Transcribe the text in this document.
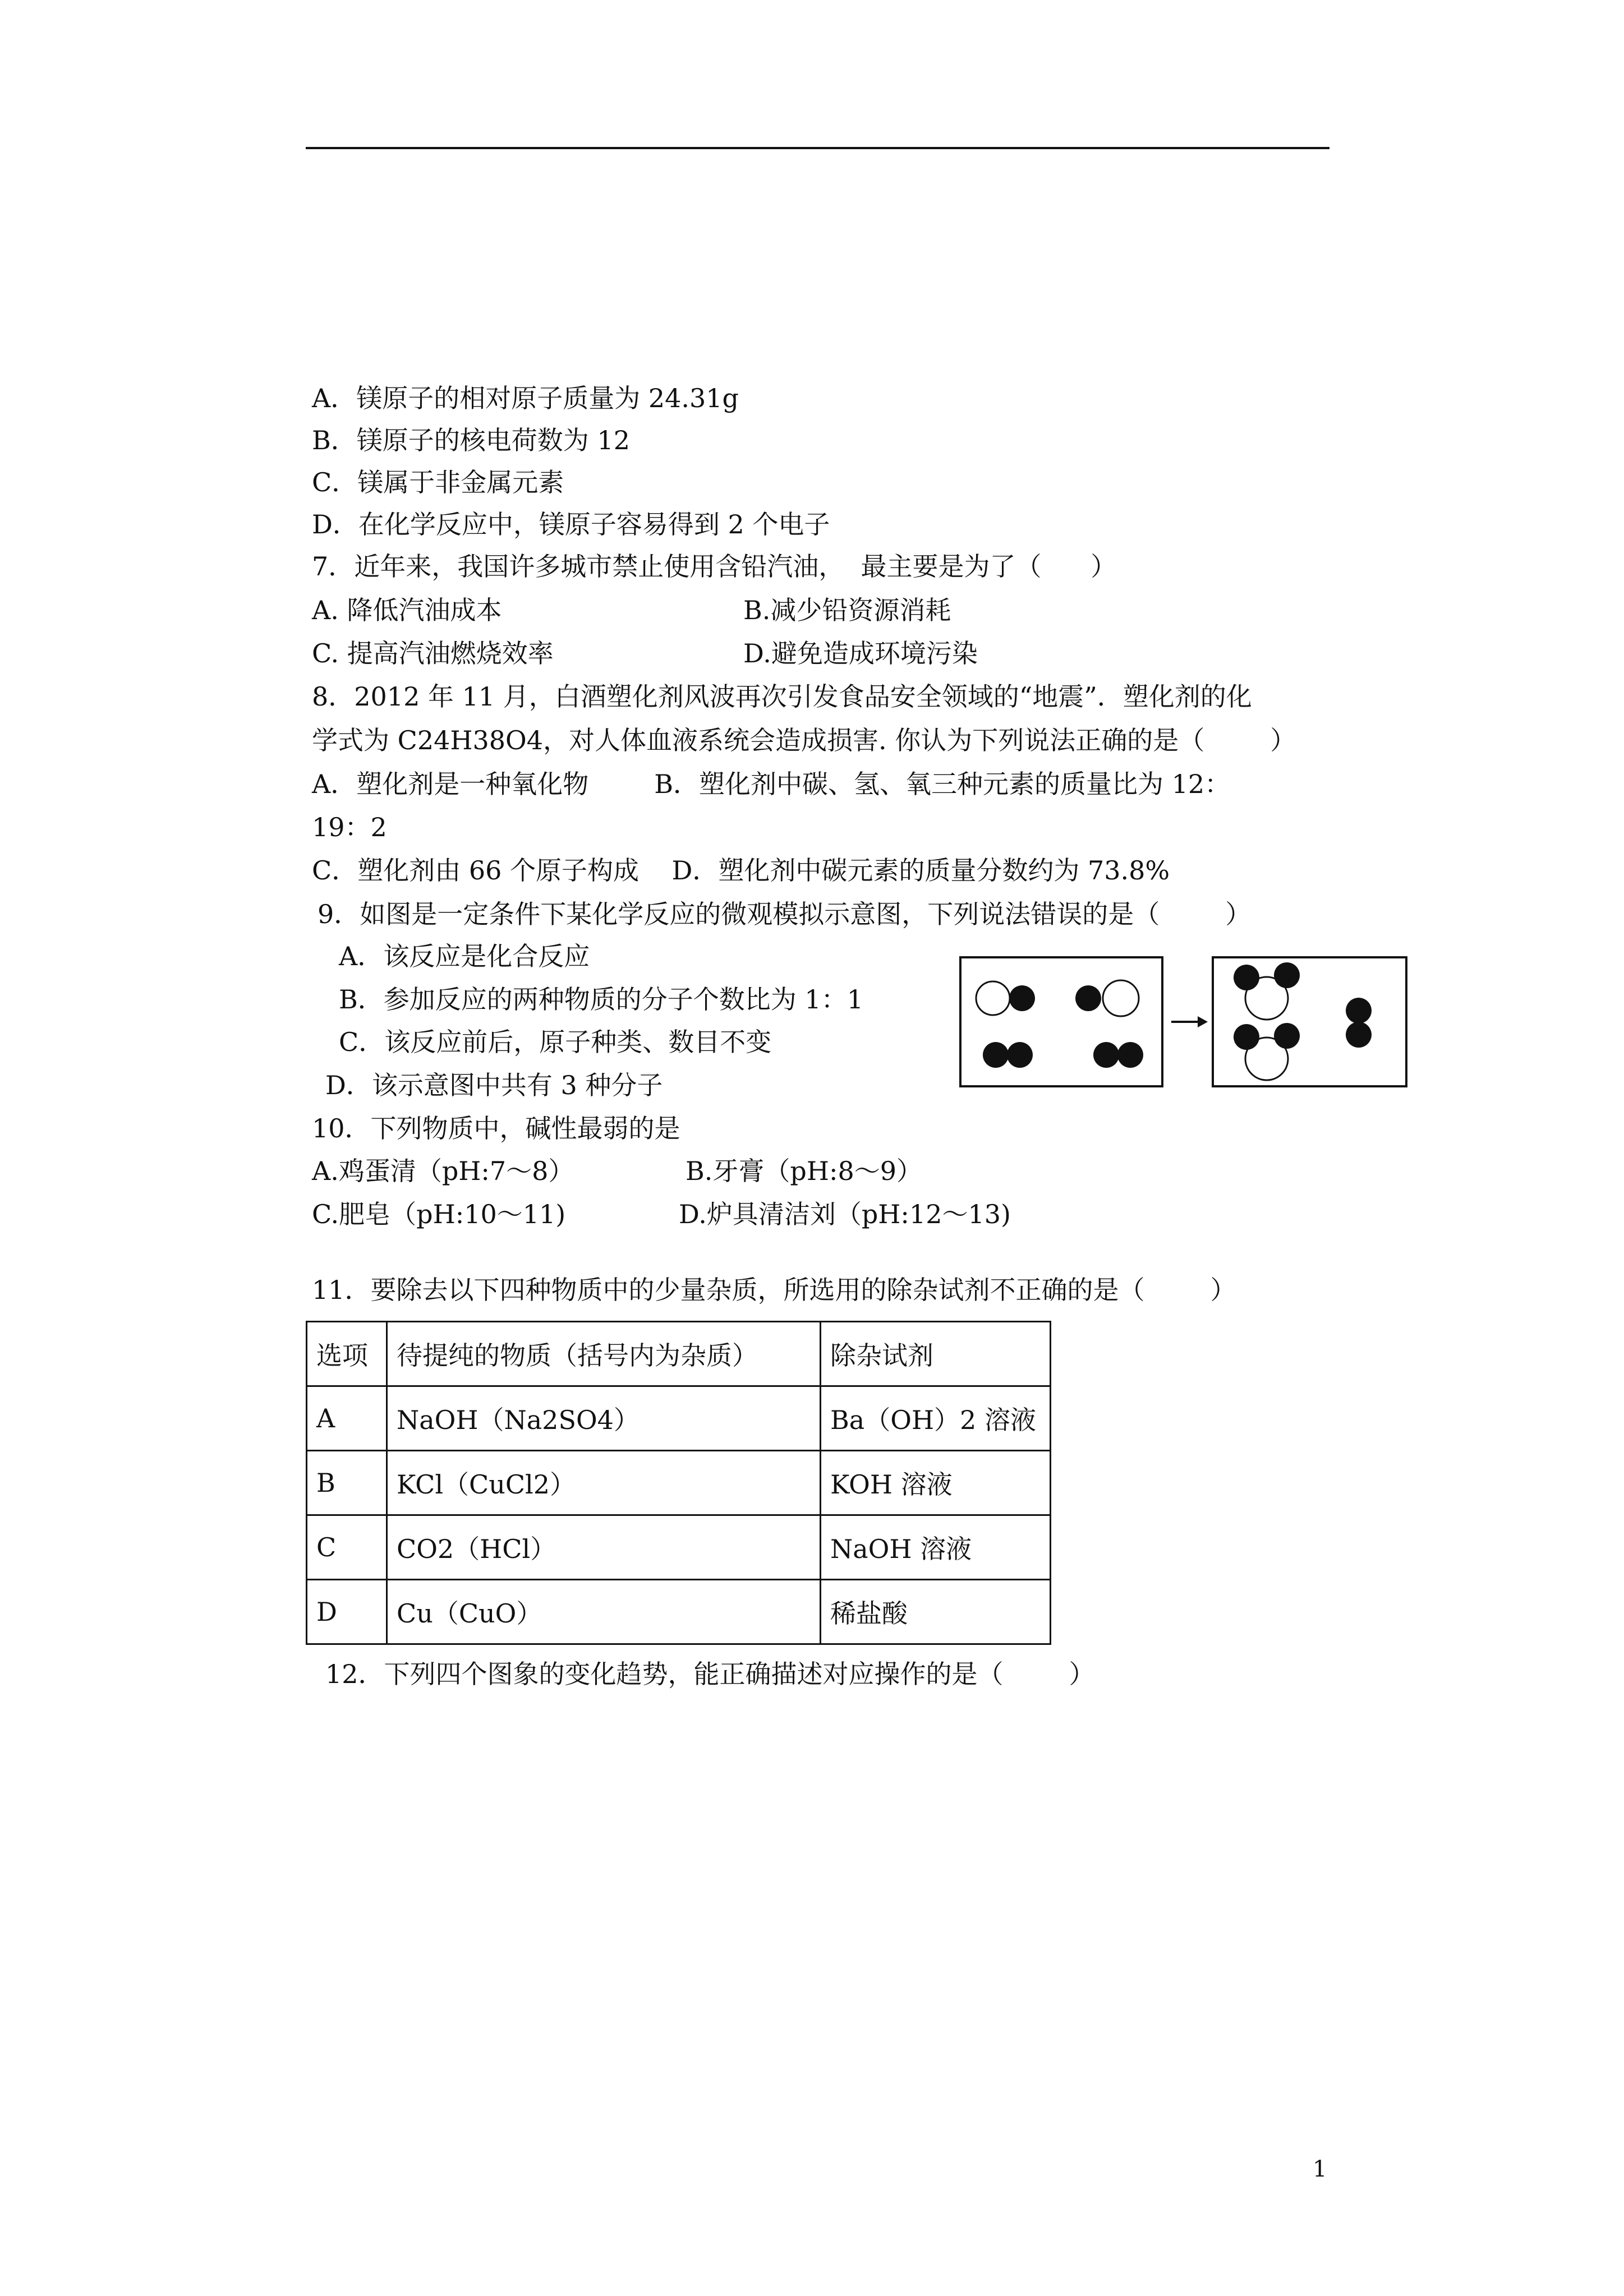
A．镁原子的相对原子质量为 24.31g
B．镁原子的核电荷数为 12
C．镁属于非金属元素
D．在化学反应中，镁原子容易得到 2 个电子
7．近年来，我国许多城市禁止使用含铅汽油，  最主要是为了（      ）
A. 降低汽油成本	B.减少铅资源消耗
C. 提高汽油燃烧效率	D.避免造成环境污染
8．2012 年 11 月，白酒塑化剂风波再次引发食品安全领域的“地震”．塑化剂的化
学式为 C24H38O4，对人体血液系统会造成损害. 你认为下列说法正确的是（        ）
A．塑化剂是一种氧化物        B．塑化剂中碳、氢、氧三种元素的质量比为 12：
19：2
C．塑化剂由 66 个原子构成    D．塑化剂中碳元素的质量分数约为 73.8%
9．如图是一定条件下某化学反应的微观模拟示意图，下列说法错误的是（        ）
A．该反应是化合反应
B．参加反应的两种物质的分子个数比为 1：1
C．该反应前后，原子种类、数目不变
D．该示意图中共有 3 种分子
10．下列物质中，碱性最弱的是
A.鸡蛋清（pH:7～8）	B.牙膏（pH:8～9）
C.肥皂（pH:10～11)	D.炉具清洁刘（pH:12～13)
11．要除去以下四种物质中的少量杂质，所选用的除杂试剂不正确的是（        ）
选项	待提纯的物质（括号内为杂质）	除杂试剂
A	NaOH（Na2SO4）	Ba（OH）2 溶液
B	KCl（CuCl2）	KOH 溶液
C	CO2（HCl）	NaOH 溶液
D	Cu（CuO）	稀盐酸
12．下列四个图象的变化趋势，能正确描述对应操作的是（        ）
1
